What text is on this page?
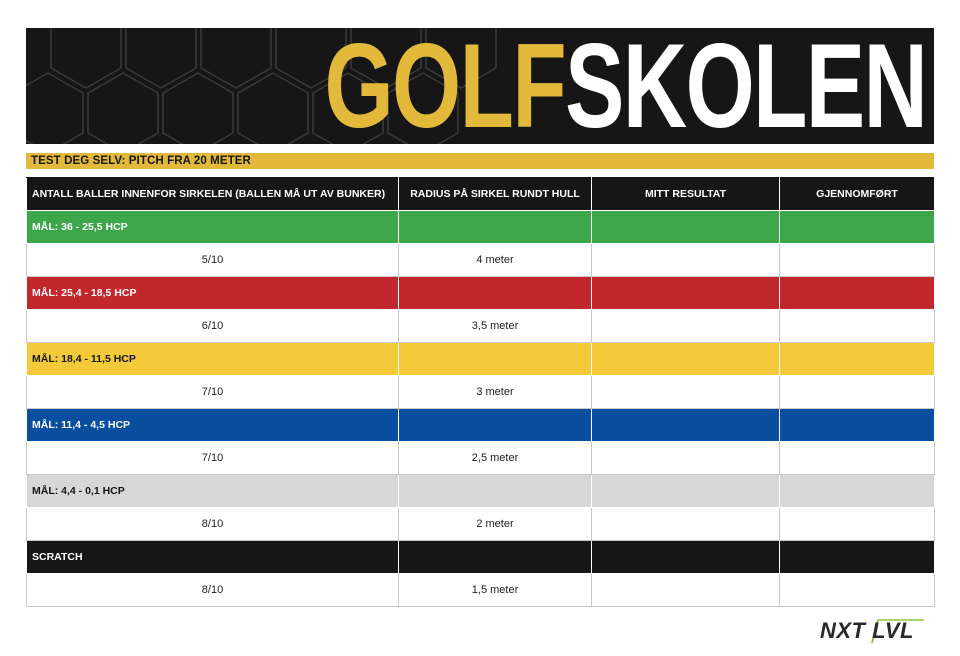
GOLFSKOLEN
TEST DEG SELV: PITCH FRA 20 METER
ANTALL BALLER INNENFOR SIRKELEN (BALLEN MÅ UT AV BUNKER)	RADIUS PÅ SIRKEL RUNDT HULL	MITT RESULTAT	GJENNOMFØRT
MÅL: 36 - 25,5 HCP			
5/10	4 meter		
MÅL: 25,4 - 18,5 HCP			
6/10	3,5 meter		
MÅL: 18,4 - 11,5 HCP			
7/10	3 meter		
MÅL: 11,4 - 4,5 HCP			
7/10	2,5 meter		
MÅL: 4,4 - 0,1 HCP			
8/10	2 meter		
SCRATCH			
8/10	1,5 meter		
NXT LVL
